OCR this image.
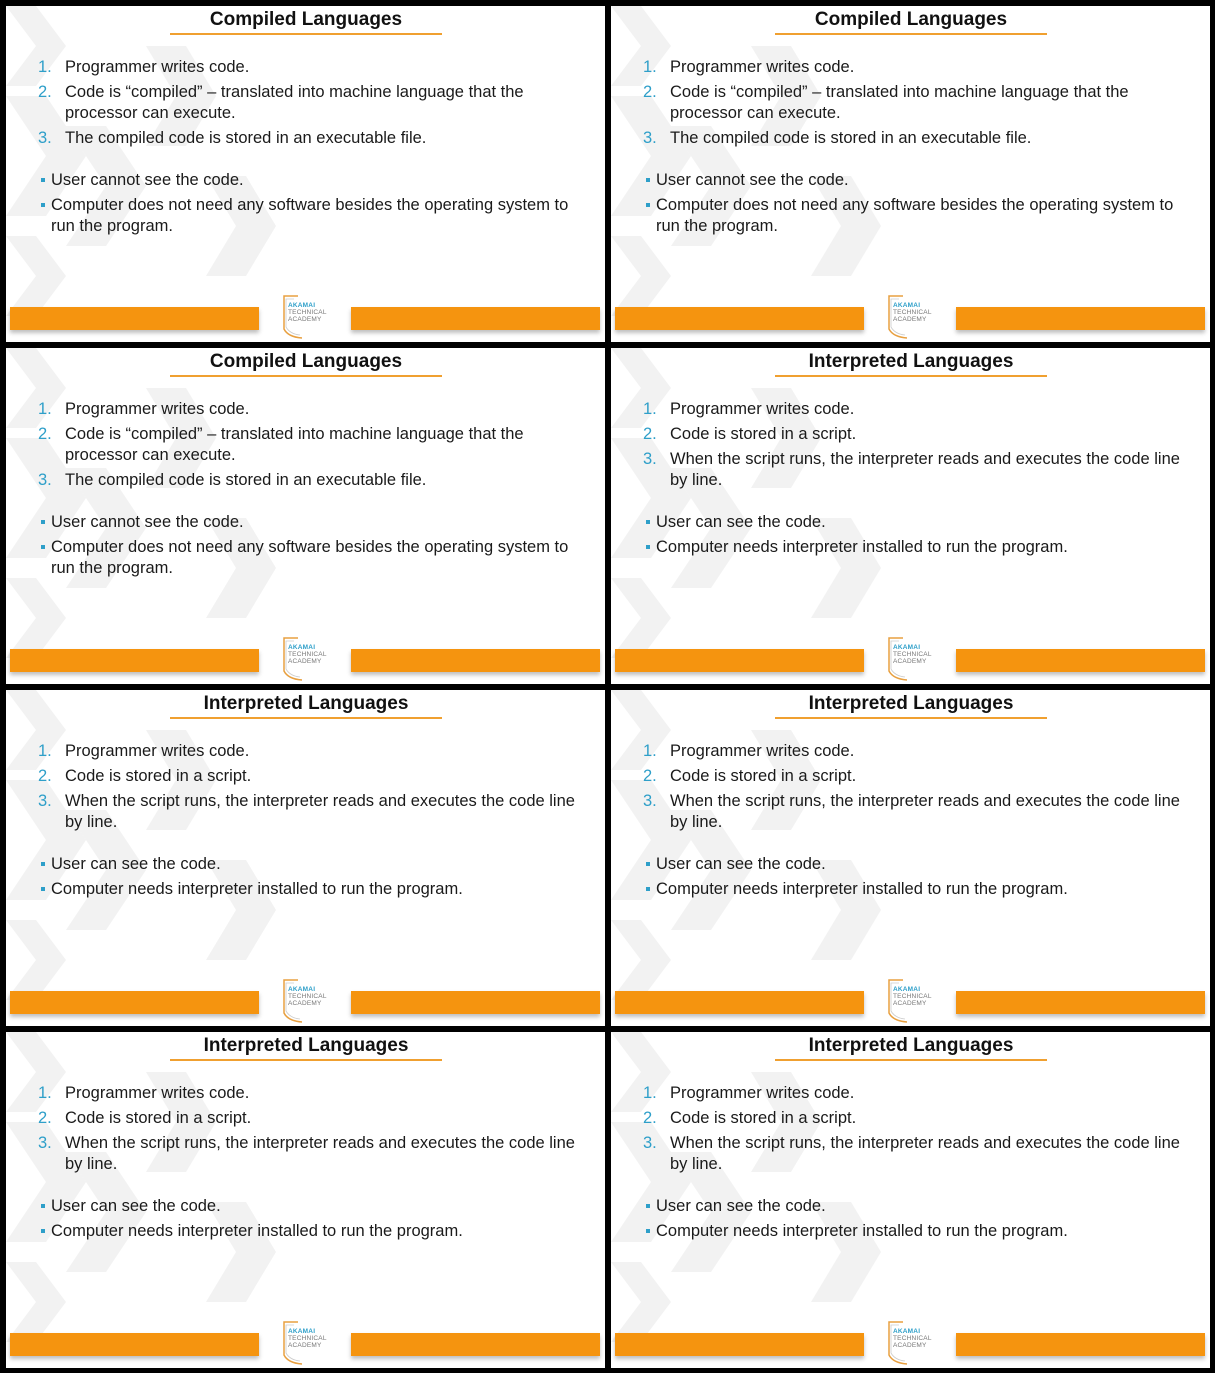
Compiled Languages
1. Programmer writes code.
2. Code is “compiled” – translated into machine language that the processor can execute.
3. The compiled code is stored in an executable file.
User cannot see the code.
Computer does not need any software besides the operating system to run the program.
AKAMAI
TECHNICAL
ACADEMY
Compiled Languages
1. Programmer writes code.
2. Code is “compiled” – translated into machine language that the processor can execute.
3. The compiled code is stored in an executable file.
User cannot see the code.
Computer does not need any software besides the operating system to run the program.
AKAMAI
TECHNICAL
ACADEMY
Compiled Languages
1. Programmer writes code.
2. Code is “compiled” – translated into machine language that the processor can execute.
3. The compiled code is stored in an executable file.
User cannot see the code.
Computer does not need any software besides the operating system to run the program.
AKAMAI
TECHNICAL
ACADEMY
Interpreted Languages
1. Programmer writes code.
2. Code is stored in a script.
3. When the script runs, the interpreter reads and executes the code line by line.
User can see the code.
Computer needs interpreter installed to run the program.
AKAMAI
TECHNICAL
ACADEMY
Interpreted Languages
1. Programmer writes code.
2. Code is stored in a script.
3. When the script runs, the interpreter reads and executes the code line by line.
User can see the code.
Computer needs interpreter installed to run the program.
AKAMAI
TECHNICAL
ACADEMY
Interpreted Languages
1. Programmer writes code.
2. Code is stored in a script.
3. When the script runs, the interpreter reads and executes the code line by line.
User can see the code.
Computer needs interpreter installed to run the program.
AKAMAI
TECHNICAL
ACADEMY
Interpreted Languages
1. Programmer writes code.
2. Code is stored in a script.
3. When the script runs, the interpreter reads and executes the code line by line.
User can see the code.
Computer needs interpreter installed to run the program.
AKAMAI
TECHNICAL
ACADEMY
Interpreted Languages
1. Programmer writes code.
2. Code is stored in a script.
3. When the script runs, the interpreter reads and executes the code line by line.
User can see the code.
Computer needs interpreter installed to run the program.
AKAMAI
TECHNICAL
ACADEMY
